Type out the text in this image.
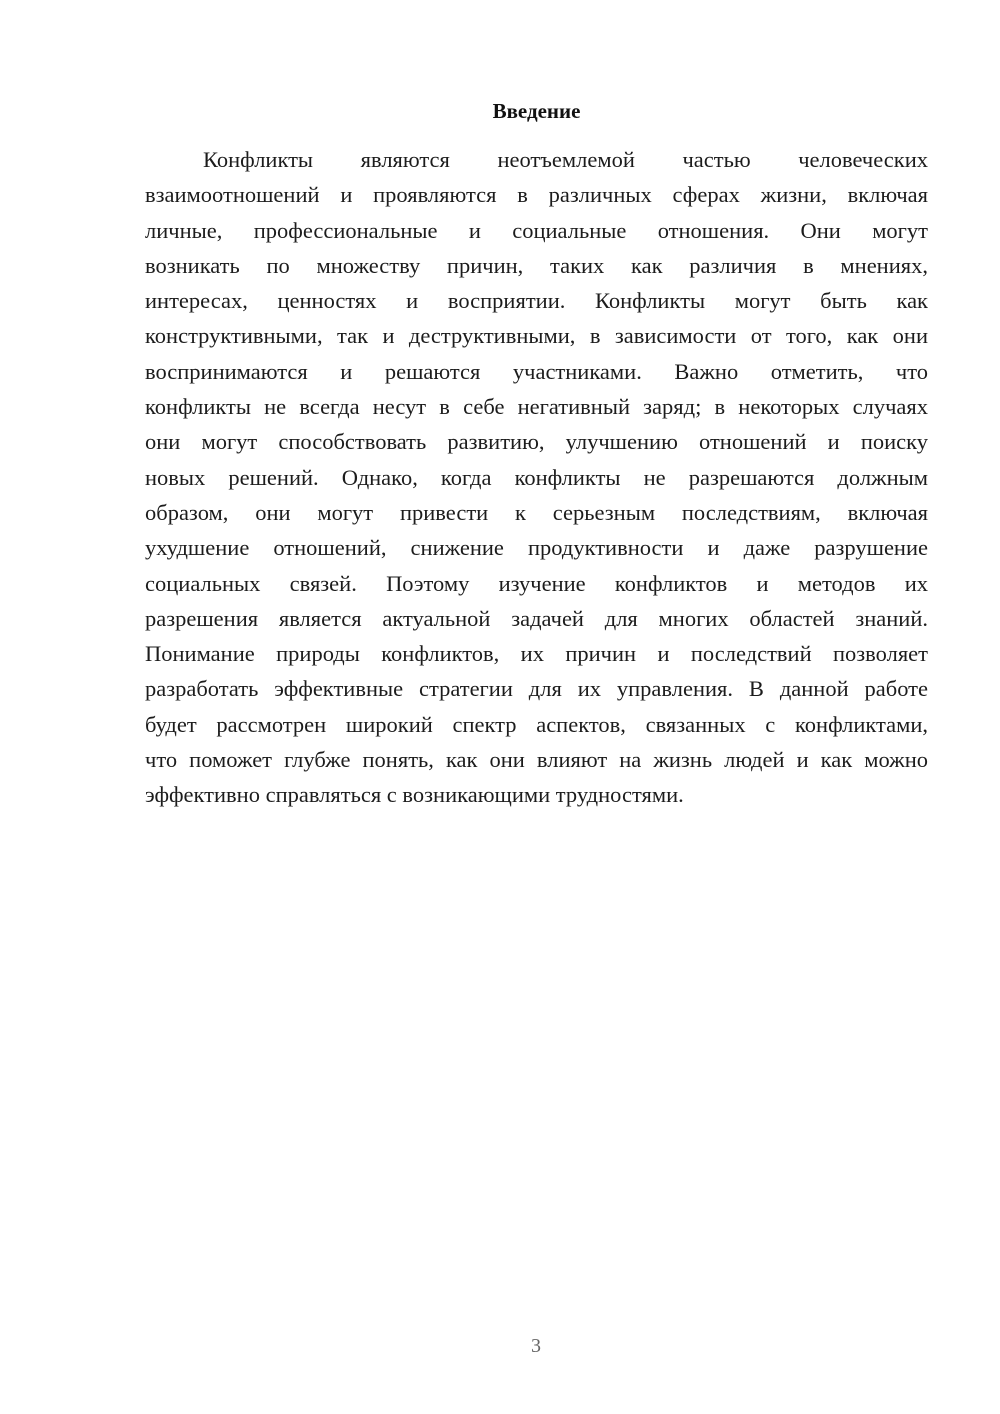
Введение
Конфликты являются неотъемлемой частью человеческих
взаимоотношений и проявляются в различных сферах жизни, включая
личные, профессиональные и социальные отношения. Они могут
возникать по множеству причин, таких как различия в мнениях,
интересах, ценностях и восприятии. Конфликты могут быть как
конструктивными, так и деструктивными, в зависимости от того, как они
воспринимаются и решаются участниками. Важно отметить, что
конфликты не всегда несут в себе негативный заряд; в некоторых случаях
они могут способствовать развитию, улучшению отношений и поиску
новых решений. Однако, когда конфликты не разрешаются должным
образом, они могут привести к серьезным последствиям, включая
ухудшение отношений, снижение продуктивности и даже разрушение
социальных связей. Поэтому изучение конфликтов и методов их
разрешения является актуальной задачей для многих областей знаний.
Понимание природы конфликтов, их причин и последствий позволяет
разработать эффективные стратегии для их управления. В данной работе
будет рассмотрен широкий спектр аспектов, связанных с конфликтами,
что поможет глубже понять, как они влияют на жизнь людей и как можно
эффективно справляться с возникающими трудностями.
3
